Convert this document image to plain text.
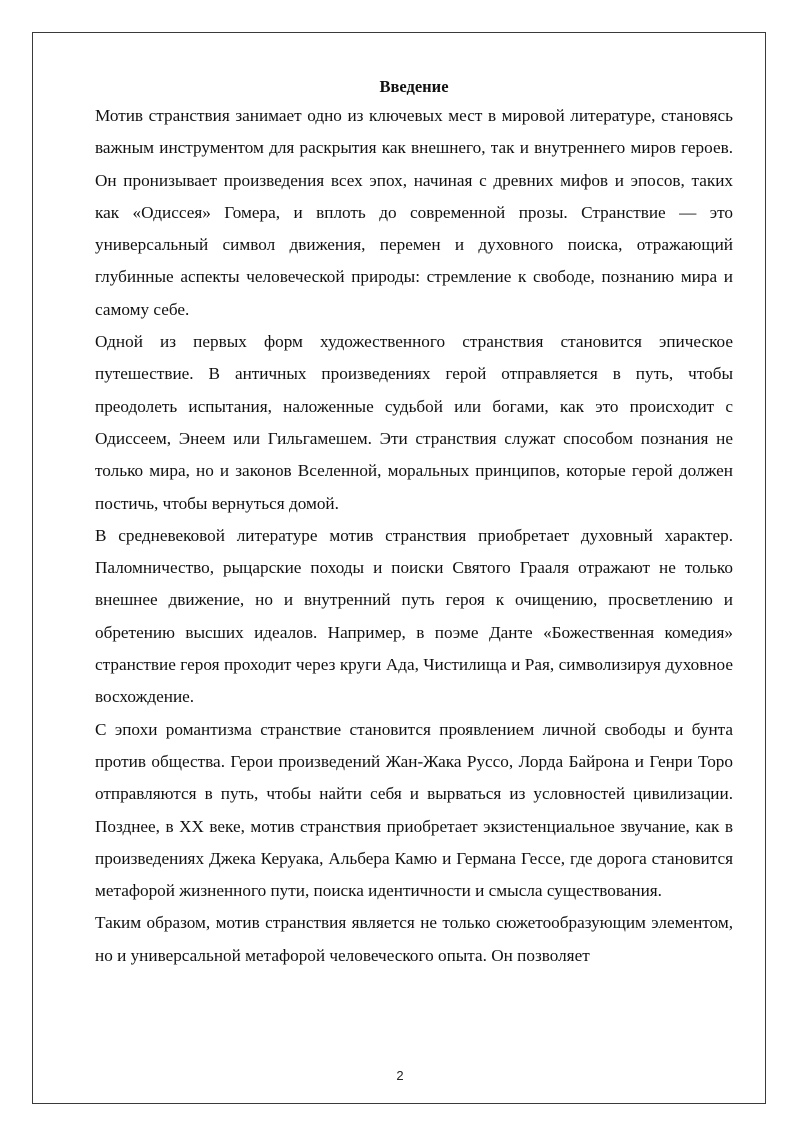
Введение

Мотив странствия занимает одно из ключевых мест в мировой литературе, становясь важным инструментом для раскрытия как внешнего, так и внутреннего миров героев. Он пронизывает произведения всех эпох, начиная с древних мифов и эпосов, таких как «Одиссея» Гомера, и вплоть до современной прозы. Странствие — это универсальный символ движения, перемен и духовного поиска, отражающий глубинные аспекты человеческой природы: стремление к свободе, познанию мира и самому себе.

Одной из первых форм художественного странствия становится эпическое путешествие. В античных произведениях герой отправляется в путь, чтобы преодолеть испытания, наложенные судьбой или богами, как это происходит с Одиссеем, Энеем или Гильгамешем. Эти странствия служат способом познания не только мира, но и законов Вселенной, моральных принципов, которые герой должен постичь, чтобы вернуться домой.

В средневековой литературе мотив странствия приобретает духовный характер. Паломничество, рыцарские походы и поиски Святого Грааля отражают не только внешнее движение, но и внутренний путь героя к очищению, просветлению и обретению высших идеалов. Например, в поэме Данте «Божественная комедия» странствие героя проходит через круги Ада, Чистилища и Рая, символизируя духовное восхождение.

С эпохи романтизма странствие становится проявлением личной свободы и бунта против общества. Герои произведений Жан-Жака Руссо, Лорда Байрона и Генри Торо отправляются в путь, чтобы найти себя и вырваться из условностей цивилизации. Позднее, в XX веке, мотив странствия приобретает экзистенциальное звучание, как в произведениях Джека Керуака, Альбера Камю и Германа Гессе, где дорога становится метафорой жизненного пути, поиска идентичности и смысла существования.

Таким образом, мотив странствия является не только сюжетообразующим элементом, но и универсальной метафорой человеческого опыта. Он позволяет

2
